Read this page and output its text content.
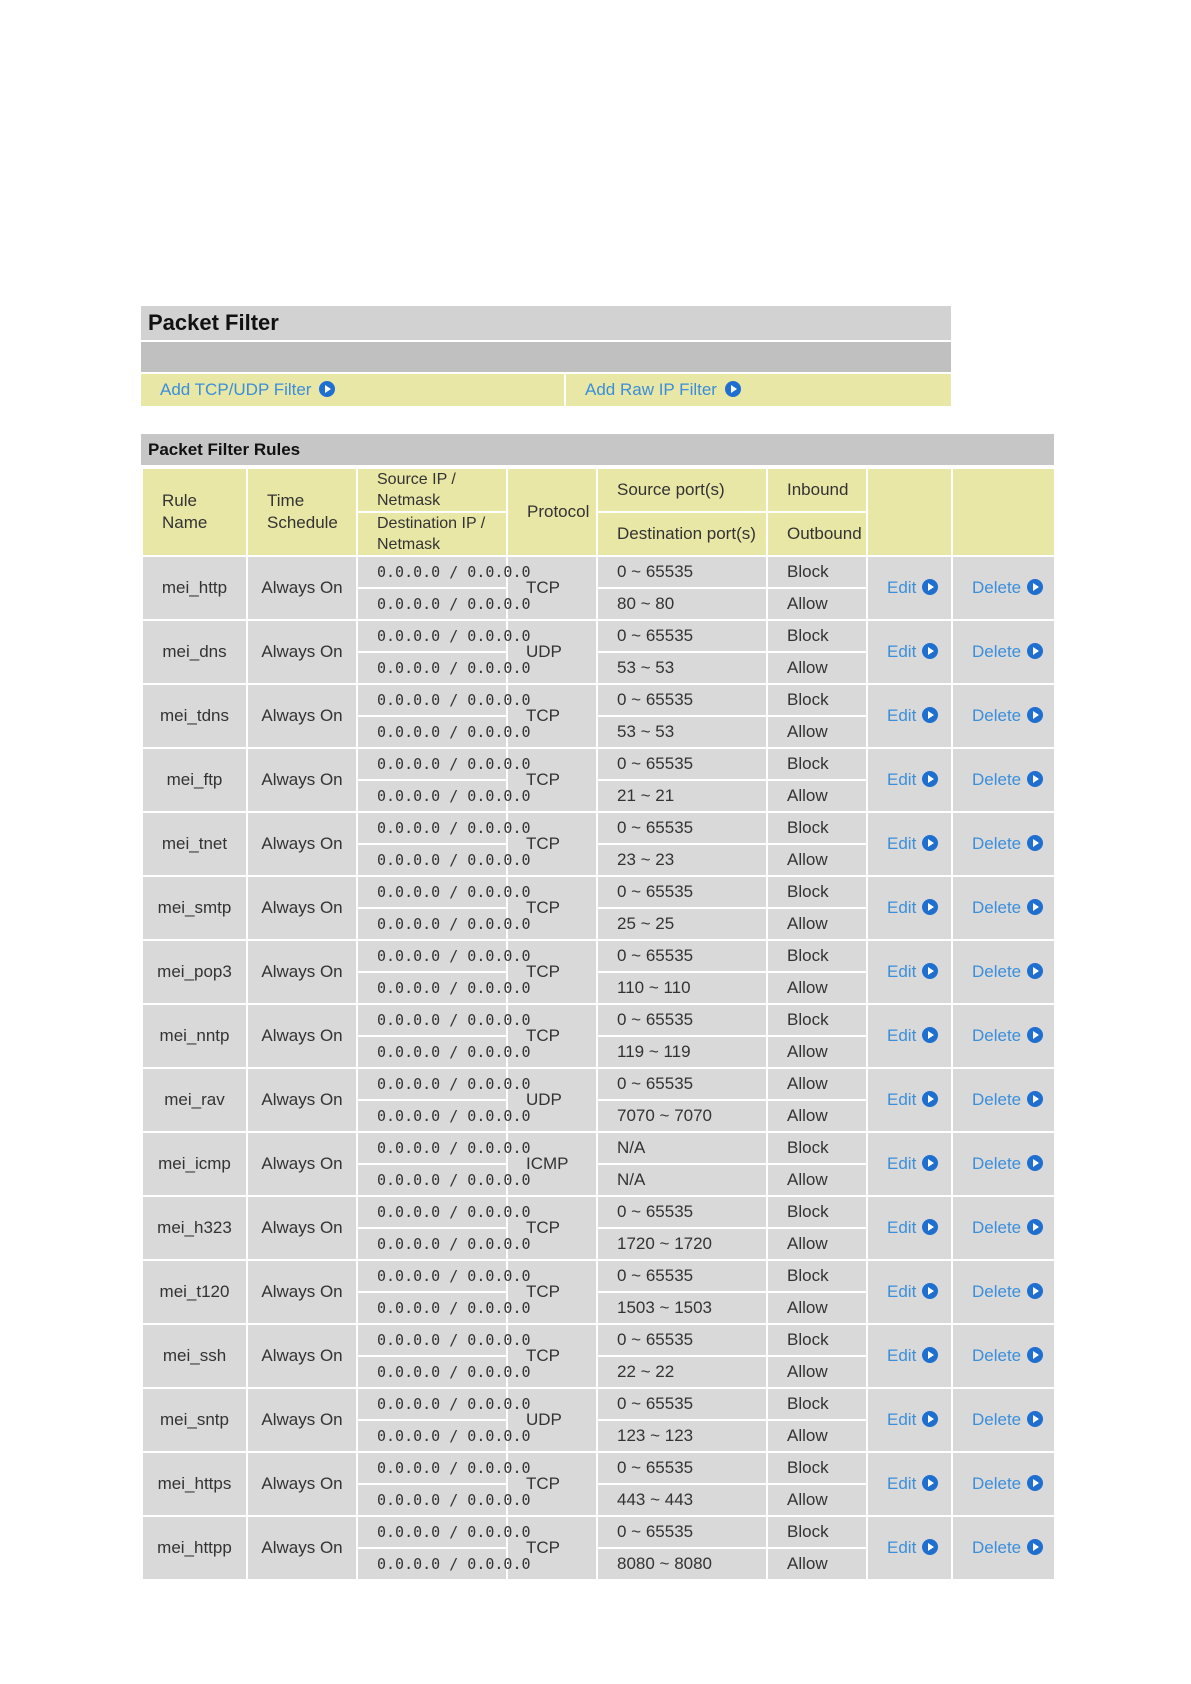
Packet Filter
Add TCP/UDP Filter	Add Raw IP Filter
Packet Filter Rules
Rule Name	Time Schedule	Source IP / Netmask	Protocol	Source port(s)	Inbound		

		Destination IP / Netmask		Destination port(s)	Outbound		
mei_http	Always On	0.0.0.0 / 0.0.0.0	TCP	0 ~ 65535	Block	Edit	Delete
		0.0.0.0 / 0.0.0.0		80 ~ 80	Allow		
mei_dns	Always On	0.0.0.0 / 0.0.0.0	UDP	0 ~ 65535	Block	Edit	Delete
		0.0.0.0 / 0.0.0.0		53 ~ 53	Allow		
mei_tdns	Always On	0.0.0.0 / 0.0.0.0	TCP	0 ~ 65535	Block	Edit	Delete
		0.0.0.0 / 0.0.0.0		53 ~ 53	Allow		
mei_ftp	Always On	0.0.0.0 / 0.0.0.0	TCP	0 ~ 65535	Block	Edit	Delete
		0.0.0.0 / 0.0.0.0		21 ~ 21	Allow		
mei_tnet	Always On	0.0.0.0 / 0.0.0.0	TCP	0 ~ 65535	Block	Edit	Delete
		0.0.0.0 / 0.0.0.0		23 ~ 23	Allow		
mei_smtp	Always On	0.0.0.0 / 0.0.0.0	TCP	0 ~ 65535	Block	Edit	Delete
		0.0.0.0 / 0.0.0.0		25 ~ 25	Allow		
mei_pop3	Always On	0.0.0.0 / 0.0.0.0	TCP	0 ~ 65535	Block	Edit	Delete
		0.0.0.0 / 0.0.0.0		110 ~ 110	Allow		
mei_nntp	Always On	0.0.0.0 / 0.0.0.0	TCP	0 ~ 65535	Block	Edit	Delete
		0.0.0.0 / 0.0.0.0		119 ~ 119	Allow		
mei_rav	Always On	0.0.0.0 / 0.0.0.0	UDP	0 ~ 65535	Allow	Edit	Delete
		0.0.0.0 / 0.0.0.0		7070 ~ 7070	Allow		
mei_icmp	Always On	0.0.0.0 / 0.0.0.0	ICMP	N/A	Block	Edit	Delete
		0.0.0.0 / 0.0.0.0		N/A	Allow		
mei_h323	Always On	0.0.0.0 / 0.0.0.0	TCP	0 ~ 65535	Block	Edit	Delete
		0.0.0.0 / 0.0.0.0		1720 ~ 1720	Allow		
mei_t120	Always On	0.0.0.0 / 0.0.0.0	TCP	0 ~ 65535	Block	Edit	Delete
		0.0.0.0 / 0.0.0.0		1503 ~ 1503	Allow		
mei_ssh	Always On	0.0.0.0 / 0.0.0.0	TCP	0 ~ 65535	Block	Edit	Delete
		0.0.0.0 / 0.0.0.0		22 ~ 22	Allow		
mei_sntp	Always On	0.0.0.0 / 0.0.0.0	UDP	0 ~ 65535	Block	Edit	Delete
		0.0.0.0 / 0.0.0.0		123 ~ 123	Allow		
mei_https	Always On	0.0.0.0 / 0.0.0.0	TCP	0 ~ 65535	Block	Edit	Delete
		0.0.0.0 / 0.0.0.0		443 ~ 443	Allow		
mei_httpp	Always On	0.0.0.0 / 0.0.0.0	TCP	0 ~ 65535	Block	Edit	Delete
		0.0.0.0 / 0.0.0.0		8080 ~ 8080	Allow		
